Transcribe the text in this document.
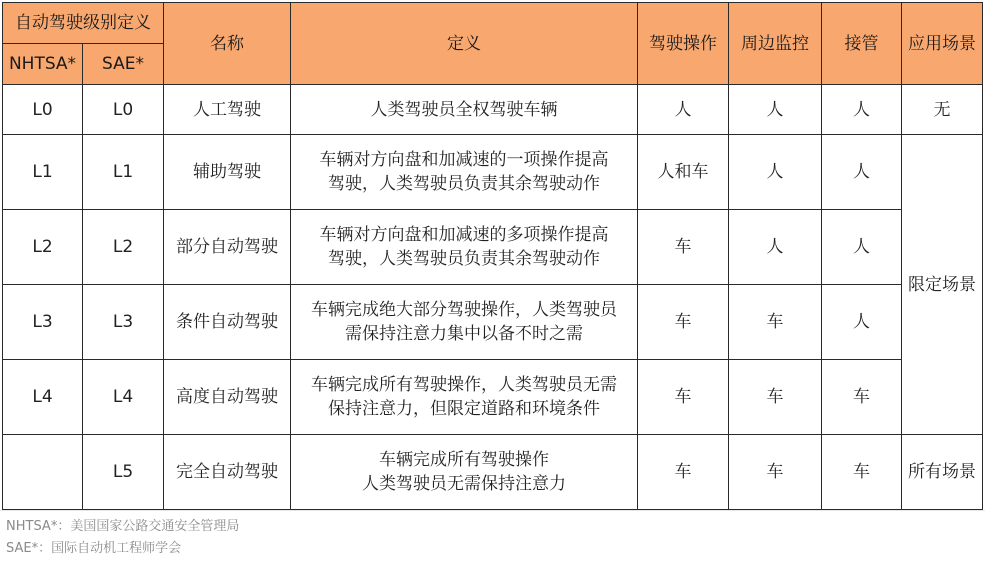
自动驾驶级别定义		名称	定义	驾驶操作	周边监控	接管	应用场景
NHTSA*	SAE*						
L0	L0	人工驾驶	人类驾驶员全权驾驶车辆	人	人	人	无
L1	L1	辅助驾驶	车辆对方向盘和加减速的一项操作提高
驾驶，人类驾驶员负责其余驾驶动作	人和车	人	人	限定场景
L2	L2	部分自动驾驶	车辆对方向盘和加减速的多项操作提高
驾驶，人类驾驶员负责其余驾驶动作	车	人	人	
L3	L3	条件自动驾驶	车辆完成绝大部分驾驶操作，人类驾驶员
需保持注意力集中以备不时之需	车	车	人	
L4	L4	高度自动驾驶	车辆完成所有驾驶操作，人类驾驶员无需
保持注意力，但限定道路和环境条件	车	车	车	
	L5	完全自动驾驶	车辆完成所有驾驶操作
人类驾驶员无需保持注意力	车	车	车	所有场景
NHTSA*：美国国家公路交通安全管理局
SAE*：国际自动机工程师学会
